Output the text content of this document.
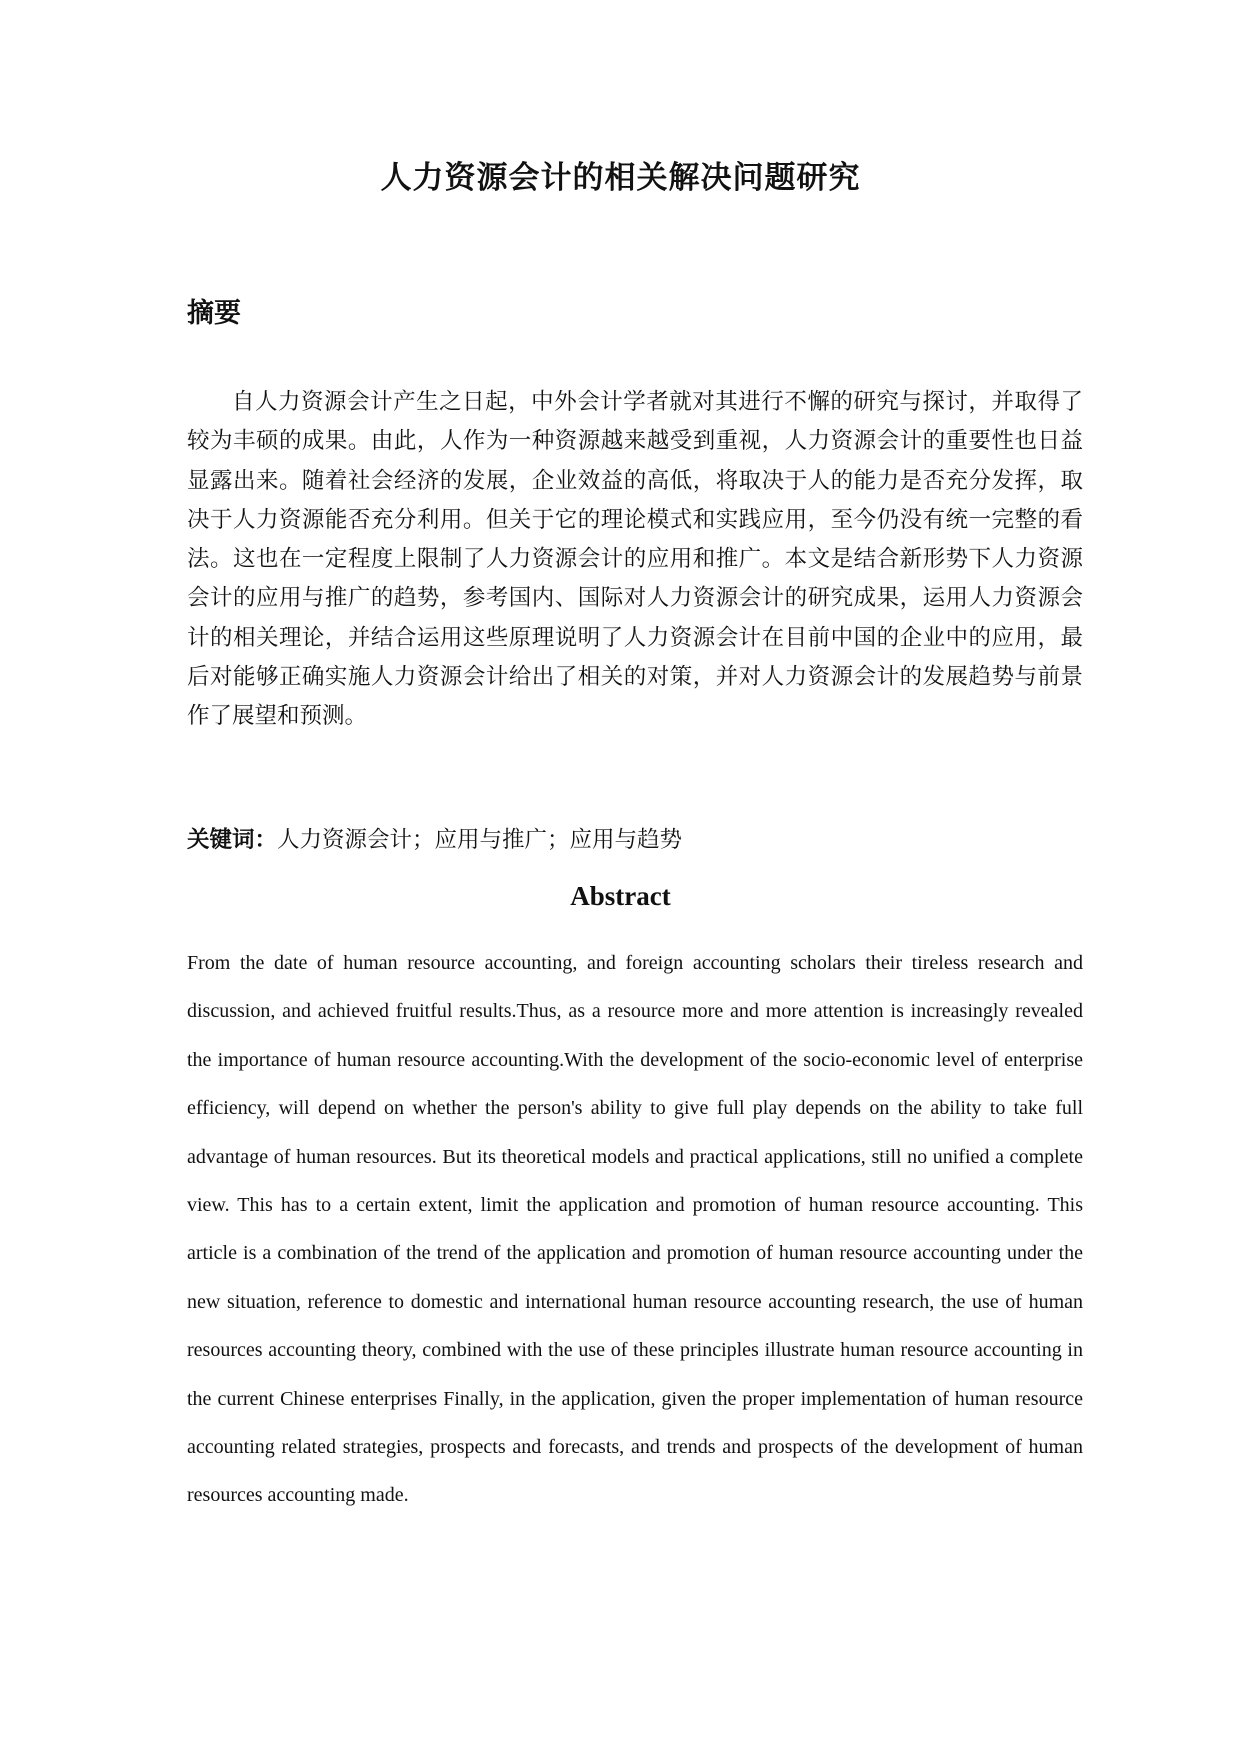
人力资源会计的相关解决问题研究
摘要

自人力资源会计产生之日起，中外会计学者就对其进行不懈的研究与探讨，并取得了较为丰硕的成果。由此，人作为一种资源越来越受到重视，人力资源会计的重要性也日益显露出来。随着社会经济的发展，企业效益的高低，将取决于人的能力是否充分发挥，取决于人力资源能否充分利用。但关于它的理论模式和实践应用，至今仍没有统一完整的看法。这也在一定程度上限制了人力资源会计的应用和推广。本文是结合新形势下人力资源会计的应用与推广的趋势，参考国内、国际对人力资源会计的研究成果，运用人力资源会计的相关理论，并结合运用这些原理说明了人力资源会计在目前中国的企业中的应用，最后对能够正确实施人力资源会计给出了相关的对策，并对人力资源会计的发展趋势与前景作了展望和预测。

关键词：人力资源会计；应用与推广；应用与趋势
Abstract

From the date of human resource accounting, and foreign accounting scholars their tireless research and discussion, and achieved fruitful results.Thus, as a resource more and more attention is increasingly revealed the importance of human resource accounting.With the development of the socio-economic level of enterprise efficiency, will depend on whether the person's ability to give full play depends on the ability to take full advantage of human resources. But its theoretical models and practical applications, still no unified a complete view. This has to a certain extent, limit the application and promotion of human resource accounting. This article is a combination of the trend of the application and promotion of human resource accounting under the new situation, reference to domestic and international human resource accounting research, the use of human resources accounting theory, combined with the use of these principles illustrate human resource accounting in the current Chinese enterprises Finally, in the application, given the proper implementation of human resource accounting related strategies, prospects and forecasts, and trends and prospects of the development of human resources accounting made.
